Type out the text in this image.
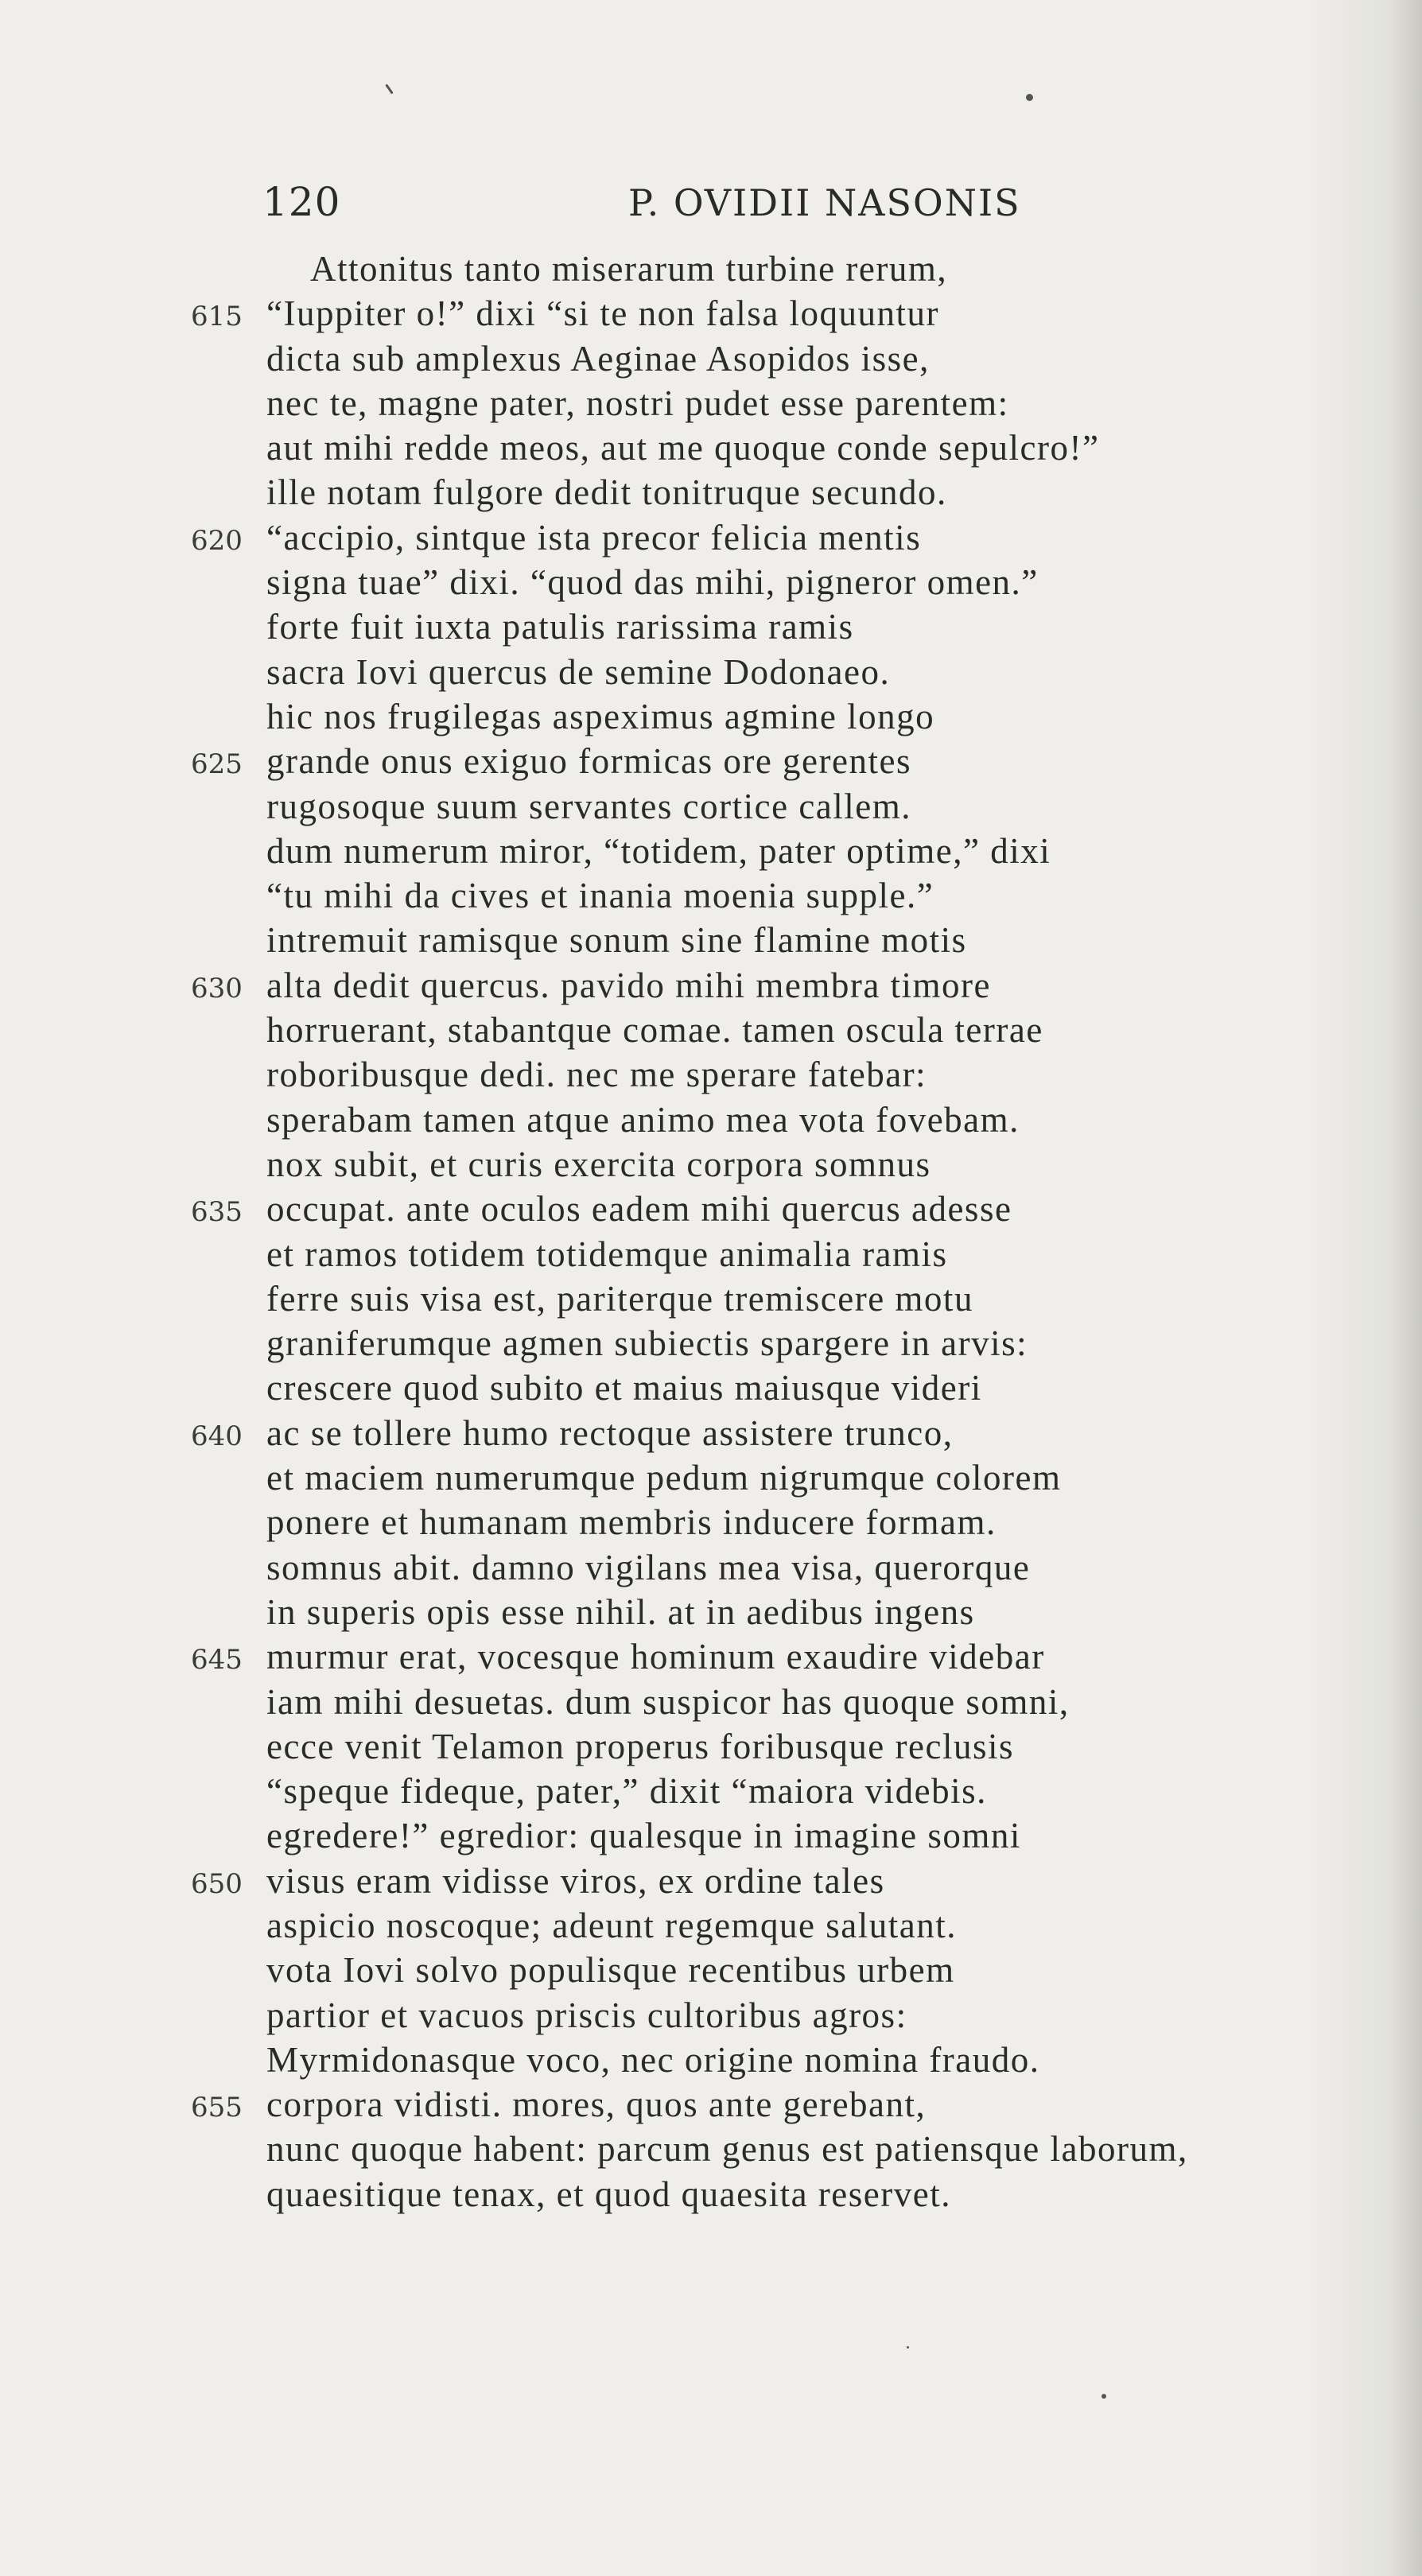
120	P. OVIDII NASONIS
Attonitus tanto miserarum turbine rerum,
615 “Iuppiter o!” dixi “si te non falsa loquuntur
dicta sub amplexus Aeginae Asopidos isse,
nec te, magne pater, nostri pudet esse parentem:
aut mihi redde meos, aut me quoque conde sepulcro!”
ille notam fulgore dedit tonitruque secundo.
620 “accipio, sintque ista precor felicia mentis
signa tuae” dixi. “quod das mihi, pigneror omen.”
forte fuit iuxta patulis rarissima ramis
sacra Iovi quercus de semine Dodonaeo.
hic nos frugilegas aspeximus agmine longo
625 grande onus exiguo formicas ore gerentes
rugosoque suum servantes cortice callem.
dum numerum miror, “totidem, pater optime,” dixi
“tu mihi da cives et inania moenia supple.”
intremuit ramisque sonum sine flamine motis
630 alta dedit quercus. pavido mihi membra timore
horruerant, stabantque comae. tamen oscula terrae
roboribusque dedi. nec me sperare fatebar:
sperabam tamen atque animo mea vota fovebam.
nox subit, et curis exercita corpora somnus
635 occupat. ante oculos eadem mihi quercus adesse
et ramos totidem totidemque animalia ramis
ferre suis visa est, pariterque tremiscere motu
graniferumque agmen subiectis spargere in arvis:
crescere quod subito et maius maiusque videri
640 ac se tollere humo rectoque assistere trunco,
et maciem numerumque pedum nigrumque colorem
ponere et humanam membris inducere formam.
somnus abit. damno vigilans mea visa, querorque
in superis opis esse nihil. at in aedibus ingens
645 murmur erat, vocesque hominum exaudire videbar
iam mihi desuetas. dum suspicor has quoque somni,
ecce venit Telamon properus foribusque reclusis
“speque fideque, pater,” dixit “maiora videbis.
egredere!” egredior: qualesque in imagine somni
650 visus eram vidisse viros, ex ordine tales
aspicio noscoque; adeunt regemque salutant.
vota Iovi solvo populisque recentibus urbem
partior et vacuos priscis cultoribus agros:
Myrmidonasque voco, nec origine nomina fraudo.
655 corpora vidisti. mores, quos ante gerebant,
nunc quoque habent: parcum genus est patiensque laborum,
quaesitique tenax, et quod quaesita reservet.
